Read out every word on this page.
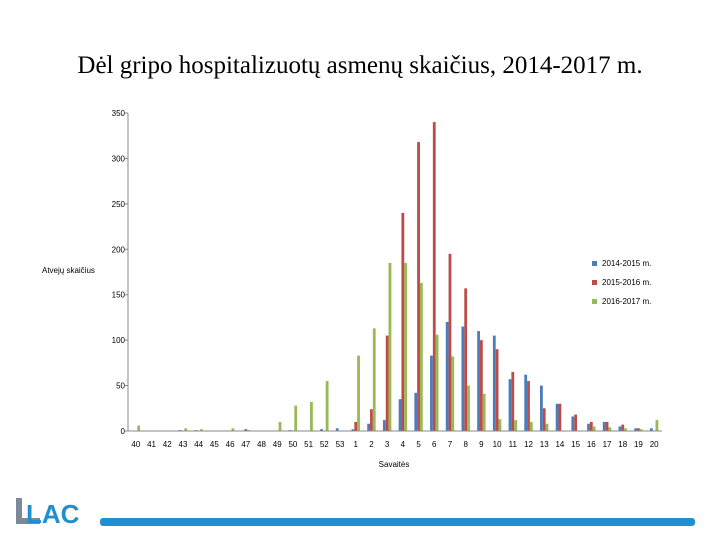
Dėl gripo hospitalizuotų asmenų skaičius, 2014-2017 m.
0
50
100
150
200
250
300
350
40 41 42 43 44 45 46 47 48 49 50 51 52 53 1 2 3 4 5 6 7 8 9 10 11 12 13 14 15 16 17 18 19 20
Atvejų skaičius
Savaitės
2014-2015 m.
2015-2016 m.
2016-2017 m.
LAC
